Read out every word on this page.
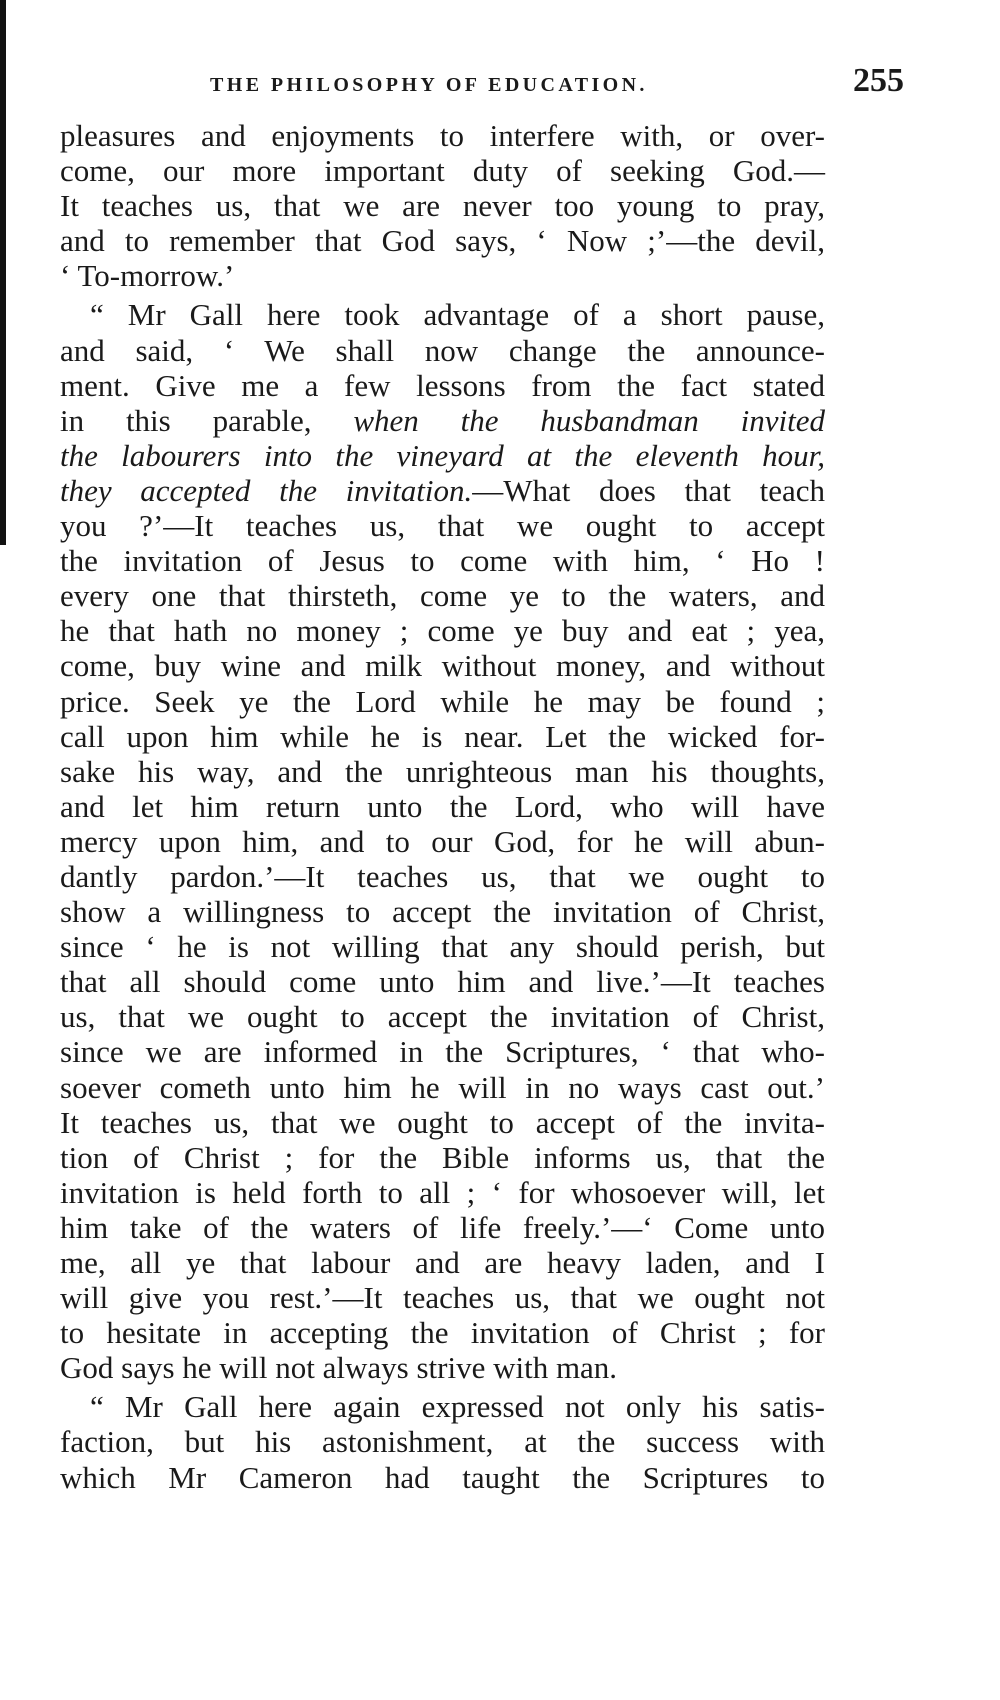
THE PHILOSOPHY OF EDUCATION.	255
pleasures and enjoyments to interfere with, or over-
come, our more important duty of seeking God.—
It teaches us, that we are never too young to pray,
and to remember that God says, ‘ Now ;’—the devil,
‘ To-morrow.’
“ Mr Gall here took advantage of a short pause,
and said, ‘ We shall now change the announce-
ment. Give me a few lessons from the fact stated
in this parable, when the husbandman invited
the labourers into the vineyard at the eleventh hour,
they accepted the invitation.—What does that teach
you ?’—It teaches us, that we ought to accept
the invitation of Jesus to come with him, ‘ Ho !
every one that thirsteth, come ye to the waters, and
he that hath no money ; come ye buy and eat ; yea,
come, buy wine and milk without money, and without
price. Seek ye the Lord while he may be found ;
call upon him while he is near. Let the wicked for-
sake his way, and the unrighteous man his thoughts,
and let him return unto the Lord, who will have
mercy upon him, and to our God, for he will abun-
dantly pardon.’—It teaches us, that we ought to
show a willingness to accept the invitation of Christ,
since ‘ he is not willing that any should perish, but
that all should come unto him and live.’—It teaches
us, that we ought to accept the invitation of Christ,
since we are informed in the Scriptures, ‘ that who-
soever cometh unto him he will in no ways cast out.’
It teaches us, that we ought to accept of the invita-
tion of Christ ; for the Bible informs us, that the
invitation is held forth to all ; ‘ for whosoever will, let
him take of the waters of life freely.’—‘ Come unto
me, all ye that labour and are heavy laden, and I
will give you rest.’—It teaches us, that we ought not
to hesitate in accepting the invitation of Christ ; for
God says he will not always strive with man.
“ Mr Gall here again expressed not only his satis-
faction, but his astonishment, at the success with
which Mr Cameron had taught the Scriptures to
